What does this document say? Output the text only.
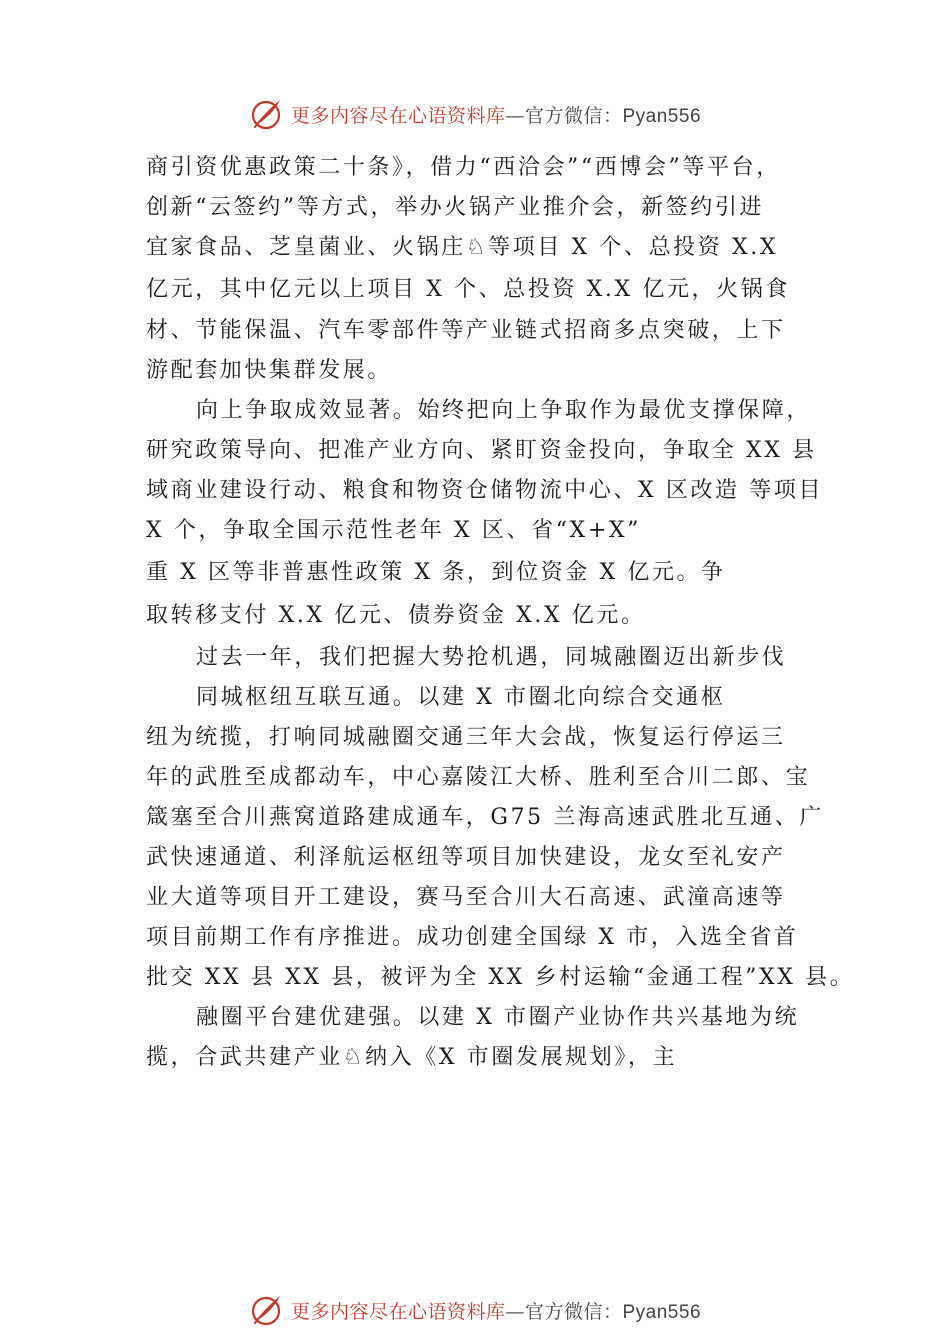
更多内容尽在心语资料库—官方微信：Pyan556
商引资优惠政策二十条》，借力“西洽会”“西博会”等平台，
创新“云签约”等方式，举办火锅产业推介会，新签约引进
宜家食品、芝皇菌业、火锅庄♘等项目 X 个、总投资 X.X
亿元，其中亿元以上项目 X 个、总投资 X.X 亿元，火锅食
材、节能保温、汽车零部件等产业链式招商多点突破，上下
游配套加快集群发展。
向上争取成效显著。始终把向上争取作为最优支撑保障，
研究政策导向、把准产业方向、紧盯资金投向，争取全 XX 县
域商业建设行动、粮食和物资仓储物流中心、X 区改造 等项目
X 个，争取全国示范性老年 X 区、省“X+X”
重 X 区等非普惠性政策 X 条，到位资金 X 亿元。争
取转移支付 X.X 亿元、债券资金 X.X 亿元。
过去一年，我们把握大势抢机遇，同城融圈迈出新步伐
同城枢纽互联互通。以建 X 市圈北向综合交通枢
纽为统揽，打响同城融圈交通三年大会战，恢复运行停运三
年的武胜至成都动车，中心嘉陵江大桥、胜利至合川二郎、宝
箴塞至合川燕窝道路建成通车，G75 兰海高速武胜北互通、广
武快速通道、利泽航运枢纽等项目加快建设，龙女至礼安产
业大道等项目开工建设，赛马至合川大石高速、武潼高速等
项目前期工作有序推进。成功创建全国绿 X 市，入选全省首
批交 XX 县 XX 县，被评为全 XX 乡村运输“金通工程”XX 县。
融圈平台建优建强。以建 X 市圈产业协作共兴基地为统
揽，合武共建产业♘纳入《X 市圈发展规划》，主
更多内容尽在心语资料库—官方微信：Pyan556
